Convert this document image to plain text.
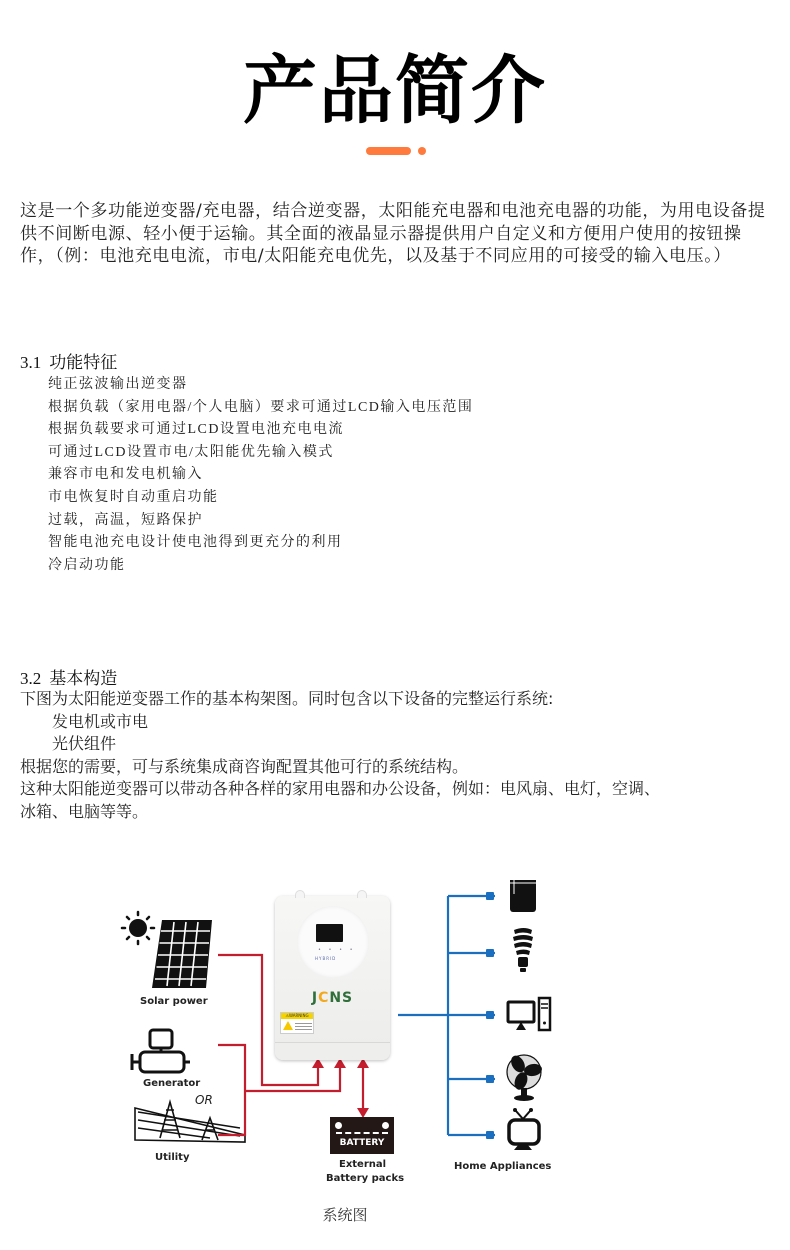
产品简介

这是一个多功能逆变器/充电器，结合逆变器，太阳能充电器和电池充电器的功能，为用电设备提供不间断电源、轻小便于运输。其全面的液晶显示器提供用户自定义和方便用户使用的按钮操作，（例：电池充电电流，市电/太阳能充电优先，以及基于不同应用的可接受的输入电压。）

3.1 功能特征
纯正弦波输出逆变器
根据负载（家用电器/个人电脑）要求可通过LCD输入电压范围
根据负载要求可通过LCD设置电池充电电流
可通过LCD设置市电/太阳能优先输入模式
兼容市电和发电机输入
市电恢复时自动重启功能
过载，高温，短路保护
智能电池充电设计使电池得到更充分的利用
冷启动功能
3.2 基本构造

下图为太阳能逆变器工作的基本构架图。同时包含以下设备的完整运行系统:

发电机或市电

光伏组件

根据您的需要，可与系统集成商咨询配置其他可行的系统结构。

这种太阳能逆变器可以带动各种各样的家用电器和办公设备，例如：电风扇、电灯，空调、

冰箱、电脑等等。

Solar power
Generator
OR
Utility
• • • •
HYBRID
JCNS
⚠WARNING
BATTERY
External
Battery packs
Home Appliances
系统图
